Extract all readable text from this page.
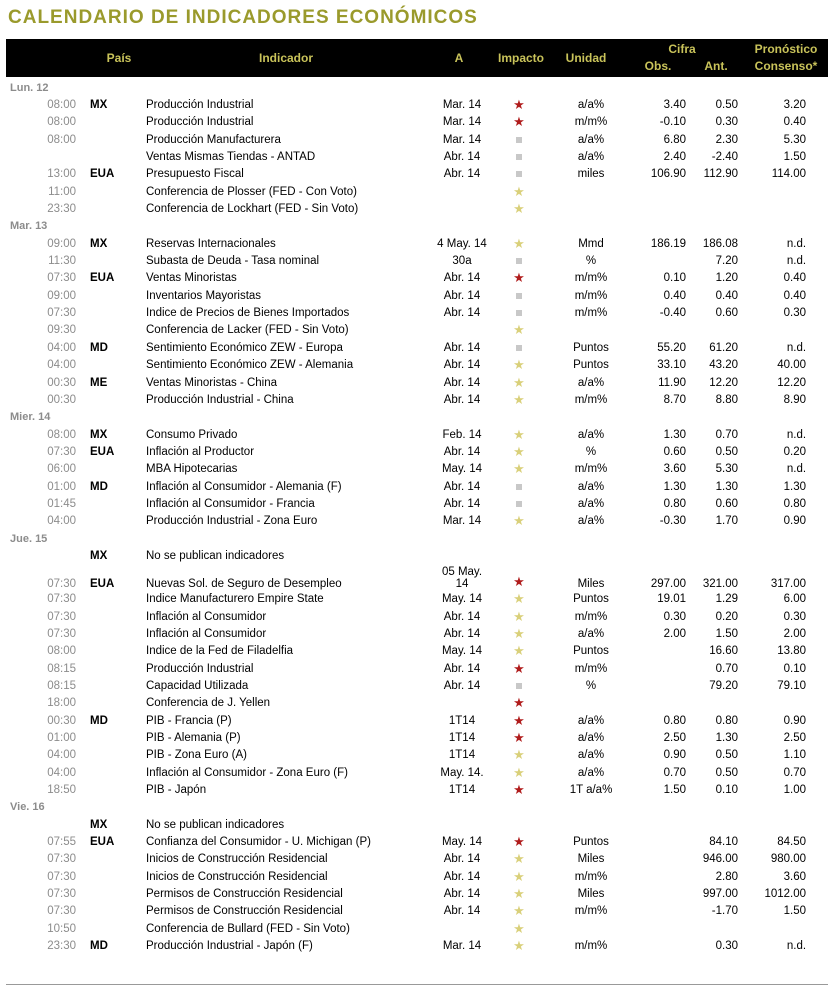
CALENDARIO DE INDICADORES ECONÓMICOS
País	Indicador	A	Impacto	Unidad
Cifra
Obs.	Ant.
Pronóstico
Consenso*
Lun. 12								
08:00	MX	Producción Industrial	Mar. 14	★	a/a%	3.40	0.50	3.20
08:00		Producción Industrial	Mar. 14	★	m/m%	-0.10	0.30	0.40
08:00		Producción Manufacturera	Mar. 14		a/a%	6.80	2.30	5.30
		Ventas Mismas Tiendas - ANTAD	Abr. 14		a/a%	2.40	-2.40	1.50
13:00	EUA	Presupuesto Fiscal	Abr. 14		miles	106.90	112.90	114.00
11:00		Conferencia de Plosser (FED - Con Voto)		★				
23:30		Conferencia de Lockhart (FED - Sin Voto)		★				
Mar. 13								
09:00	MX	Reservas Internacionales	4 May. 14	★	Mmd	186.19	186.08	n.d.
11:30		Subasta de Deuda - Tasa nominal	30a		%		7.20	n.d.
07:30	EUA	Ventas Minoristas	Abr. 14	★	m/m%	0.10	1.20	0.40
09:00		Inventarios Mayoristas	Abr. 14		m/m%	0.40	0.40	0.40
07:30		Indice de Precios de Bienes Importados	Abr. 14		m/m%	-0.40	0.60	0.30
09:30		Conferencia de Lacker (FED - Sin Voto)		★				
04:00	MD	Sentimiento Económico ZEW - Europa	Abr. 14		Puntos	55.20	61.20	n.d.
04:00		Sentimiento Económico ZEW - Alemania	Abr. 14	★	Puntos	33.10	43.20	40.00
00:30	ME	Ventas Minoristas - China	Abr. 14	★	a/a%	11.90	12.20	12.20
00:30		Producción Industrial - China	Abr. 14	★	m/m%	8.70	8.80	8.90
Mier. 14								
08:00	MX	Consumo Privado	Feb. 14	★	a/a%	1.30	0.70	n.d.
07:30	EUA	Inflación al Productor	Abr. 14	★	%	0.60	0.50	0.20
06:00		MBA Hipotecarias	May. 14	★	m/m%	3.60	5.30	n.d.
01:00	MD	Inflación al Consumidor - Alemania (F)	Abr. 14		a/a%	1.30	1.30	1.30
01:45		Inflación al Consumidor - Francia	Abr. 14		a/a%	0.80	0.60	0.80
04:00		Producción Industrial - Zona Euro	Mar. 14	★	a/a%	-0.30	1.70	0.90
Jue. 15								
	MX	No se publican indicadores						
07:30	EUA	Nuevas Sol. de Seguro de Desempleo	05 May. 14	★	Miles	297.00	321.00	317.00
07:30		Indice Manufacturero Empire State	May. 14	★	Puntos	19.01	1.29	6.00
07:30		Inflación al Consumidor	Abr. 14	★	m/m%	0.30	0.20	0.30
07:30		Inflación al Consumidor	Abr. 14	★	a/a%	2.00	1.50	2.00
08:00		Indice de la Fed de Filadelfia	May. 14	★	Puntos		16.60	13.80
08:15		Producción Industrial	Abr. 14	★	m/m%		0.70	0.10
08:15		Capacidad Utilizada	Abr. 14		%		79.20	79.10
18:00		Conferencia de J. Yellen		★				
00:30	MD	PIB - Francia (P)	1T14	★	a/a%	0.80	0.80	0.90
01:00		PIB - Alemania (P)	1T14	★	a/a%	2.50	1.30	2.50
04:00		PIB - Zona Euro (A)	1T14	★	a/a%	0.90	0.50	1.10
04:00		Inflación al Consumidor - Zona Euro (F)	May. 14.	★	a/a%	0.70	0.50	0.70
18:50		PIB - Japón	1T14	★	1T a/a%	1.50	0.10	1.00
Vie. 16								
	MX	No se publican indicadores						
07:55	EUA	Confianza del Consumidor - U. Michigan (P)	May. 14	★	Puntos		84.10	84.50
07:30		Inicios de Construcción Residencial	Abr. 14	★	Miles		946.00	980.00
07:30		Inicios de Construcción Residencial	Abr. 14	★	m/m%		2.80	3.60
07:30		Permisos de Construcción Residencial	Abr. 14	★	Miles		997.00	1012.00
07:30		Permisos de Construcción Residencial	Abr. 14	★	m/m%		-1.70	1.50
10:50		Conferencia de Bullard (FED - Sin Voto)		★				
23:30	MD	Producción Industrial - Japón (F)	Mar. 14	★	m/m%		0.30	n.d.
